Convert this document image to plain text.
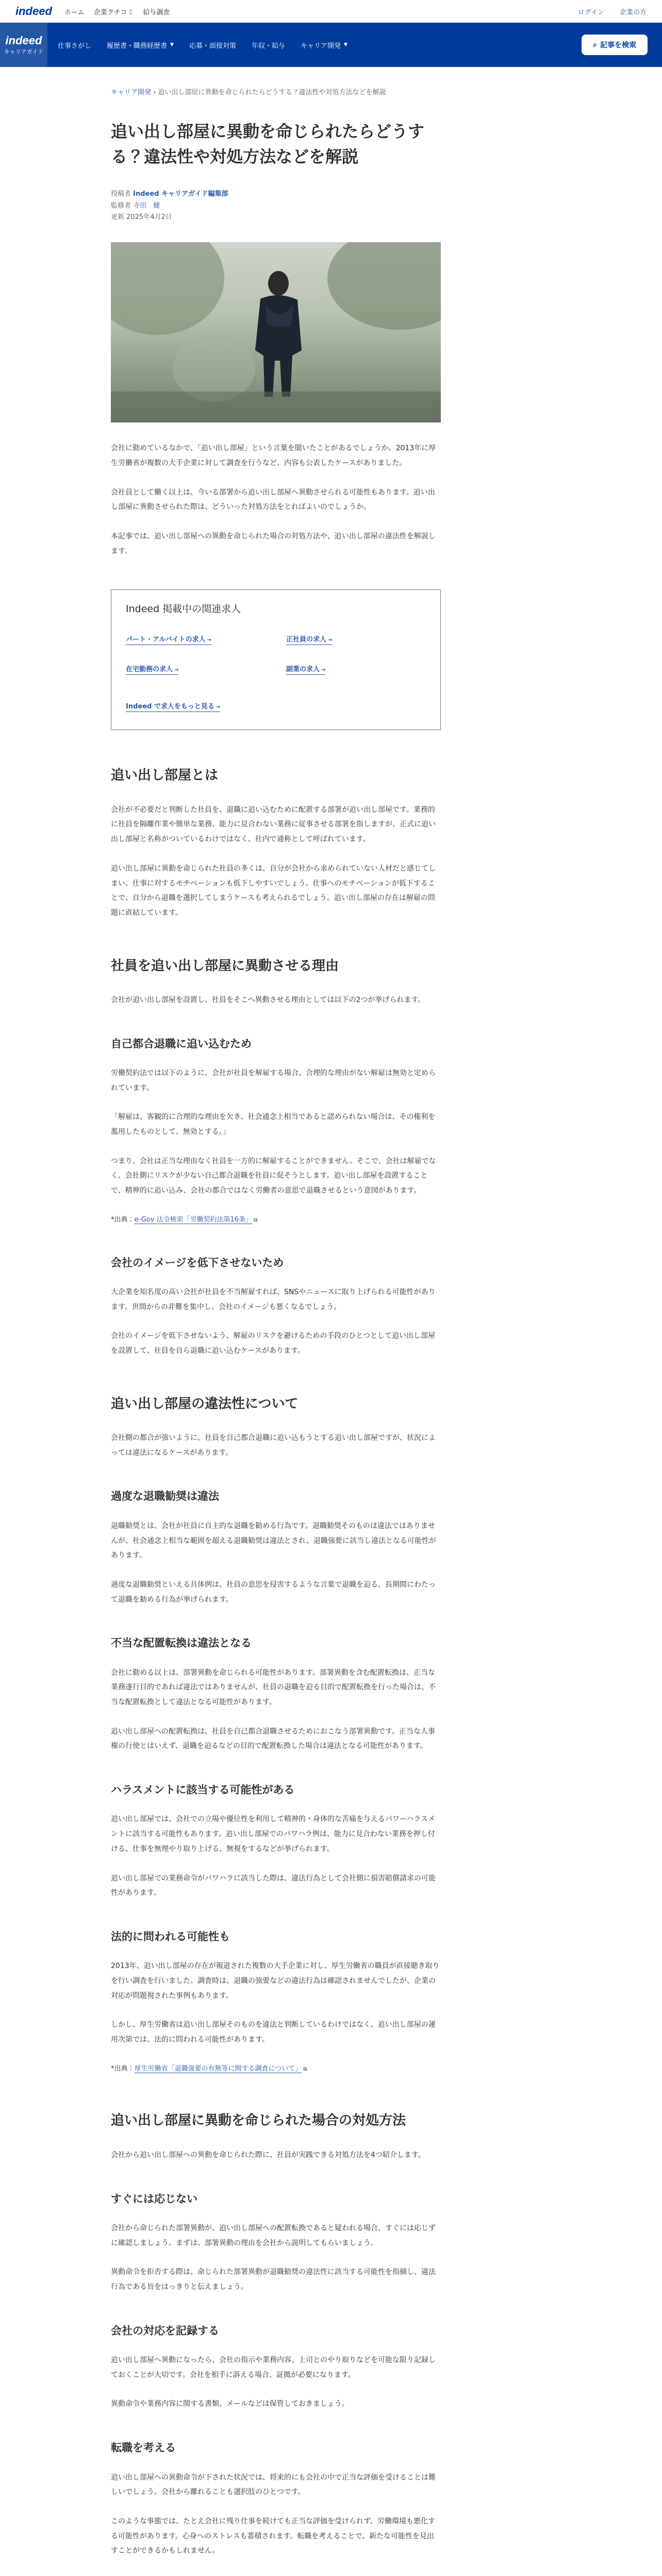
indeed ホーム 企業クチコミ 給与調査	ログイン 企業の方
indeed
キャリアガイド
仕事さがし 履歴書・職務経歴書 ▼ 応募・面接対策 年収・給与 キャリア開発 ▼	⌕ 記事を検索
キャリア開発 › 追い出し部屋に異動を命じられたらどうする？違法性や対処方法などを解説
追い出し部屋に異動を命じられたらどうする？違法性や対処方法などを解説
投稿者 Indeed キャリアガイド編集部
監修者 寺田　健
更新 2025年4月2日

会社に勤めているなかで、「追い出し部屋」という言葉を聞いたことがあるでしょうか。2013年に厚生労働省が複数の大手企業に対して調査を行うなど、内容も公表したケースがありました。

会社員として働く以上は、今いる部署から追い出し部屋へ異動させられる可能性もあります。追い出し部屋に異動させられた際は、どういった対処方法をとればよいのでしょうか。

本記事では、追い出し部屋への異動を命じられた場合の対処方法や、追い出し部屋の違法性を解説します。

Indeed 掲載中の関連求人
パート・アルバイトの求人 →	正社員の求人 →
在宅勤務の求人 →	副業の求人 →
Indeed で求人をもっと見る →
追い出し部屋とは

会社が不必要だと判断した社員を、退職に追い込むために配置する部署が追い出し部屋です。業務的に社員を隔離作業や簡単な業務、能力に見合わない業務に従事させる部署を指しますが、正式に追い出し部屋と名称がついているわけではなく、社内で通称として呼ばれています。

追い出し部屋に異動を命じられた社員の多くは、自分が会社から求められていない人材だと感じてしまい、仕事に対するモチベーションも低下しやすいでしょう。仕事へのモチベーションが低下することで、自分から退職を選択してしまうケースも考えられるでしょう。追い出し部屋の存在は解雇の問題に直結しています。

社員を追い出し部屋に異動させる理由

会社が追い出し部屋を設置し、社員をそこへ異動させる理由としては以下の2つが挙げられます。

自己都合退職に追い込むため

労働契約法では以下のように、会社が社員を解雇する場合、合理的な理由がない解雇は無効と定められています。

「解雇は、客観的に合理的な理由を欠き、社会通念上相当であると認められない場合は、その権利を濫用したものとして、無効とする。」

つまり、会社は正当な理由なく社員を一方的に解雇することができません。そこで、会社は解雇でなく、会社側にリスクが少ない自己都合退職を社員に促そうとします。追い出し部屋を設置することで、精神的に追い込み、会社の都合ではなく労働者の意思で退職させるという意図があります。

*出典：e-Gov 法令検索「労働契約法第16条」 ⧉

会社のイメージを低下させないため

大企業を知名度の高い会社が社員を不当解雇すれば、SNSやニュースに取り上げられる可能性があります。世間からの非難を集中し、会社のイメージも悪くなるでしょう。

会社のイメージを低下させないよう、解雇のリスクを避けるための手段のひとつとして追い出し部屋を設置して、社員を自ら退職に追い込むケースがあります。

追い出し部屋の違法性について

会社側の都合が強いように、社員を自己都合退職に追い込もうとする追い出し部屋ですが、状況によっては違法になるケースがあります。

過度な退職勧奨は違法

退職勧奨とは、会社が社員に自主的な退職を勧める行為です。退職勧奨そのものは違法ではありませんが、社会通念上相当な範囲を超える退職勧奨は違法とされ、退職強要に該当し違法となる可能性があります。

過度な退職勧奨といえる具体例は、社員の意思を侵害するような言葉で退職を迫る、長期間にわたって退職を勧める行為が挙げられます。

不当な配置転換は違法となる

会社に勤める以上は、部署異動を命じられる可能性があります。部署異動を含む配置転換は、正当な業務遂行目的であれば違法ではありませんが、社員の退職を迫る目的で配置転換を行った場合は、不当な配置転換として違法となる可能性があります。

追い出し部屋への配置転換は、社員を自己都合退職させるためにおこなう部署異動です。正当な人事権の行使とはいえず、退職を迫るなどの目的で配置転換した場合は違法となる可能性があります。

ハラスメントに該当する可能性がある

追い出し部屋では、会社での立場や優位性を利用して精神的・身体的な苦痛を与えるパワーハラスメントに該当する可能性もあります。追い出し部屋でのパワハラ例は、能力に見合わない業務を押し付ける、仕事を無理やり取り上げる、無視をするなどが挙げられます。

追い出し部屋での業務命令がパワハラに該当した際は、違法行為として会社側に損害賠償請求の可能性があります。

法的に問われる可能性も

2013年、追い出し部屋の存在が報道された複数の大手企業に対し、厚生労働省の職員が直接聴き取りを行い調査を行いました。調査時は、退職の強要などの違法行為は確認されませんでしたが、企業の対応が問題視された事例もあります。

しかし、厚生労働省は追い出し部屋そのものを違法と判断しているわけではなく、追い出し部屋の運用次第では、法的に問われる可能性があります。

*出典：厚生労働省「退職強要の有無等に関する調査について」 ⧉

追い出し部屋に異動を命じられた場合の対処方法

会社から追い出し部屋への異動を命じられた際に、社員が実践できる対処方法を4つ紹介します。

すぐには応じない

会社から命じられた部署異動が、追い出し部屋への配置転換であると疑われる場合、すぐには応じずに確認しましょう。まずは、部署異動の理由を会社から説明してもらいましょう。

異動命令を拒否する際は、命じられた部署異動が退職勧奨の違法性に該当する可能性を指摘し、違法行為である旨をはっきりと伝えましょう。

会社の対応を記録する

追い出し部屋へ異動になったら、会社の指示や業務内容、上司とのやり取りなどを可能な限り記録しておくことが大切です。会社を相手に訴える場合、証拠が必要になります。

異動命令や業務内容に関する書類、メールなどは保管しておきましょう。

転職を考える

追い出し部屋への異動命令が下された状況では、将来的にも会社の中で正当な評価を受けることは難しいでしょう。会社から離れることも選択肢のひとつです。

このような事態では、たとえ会社に残り仕事を続けても正当な評価を受けられず、労働環境も悪化する可能性があります。心身へのストレスも蓄積されます。転職を考えることで、新たな可能性を見出すことができるかもしれません。
